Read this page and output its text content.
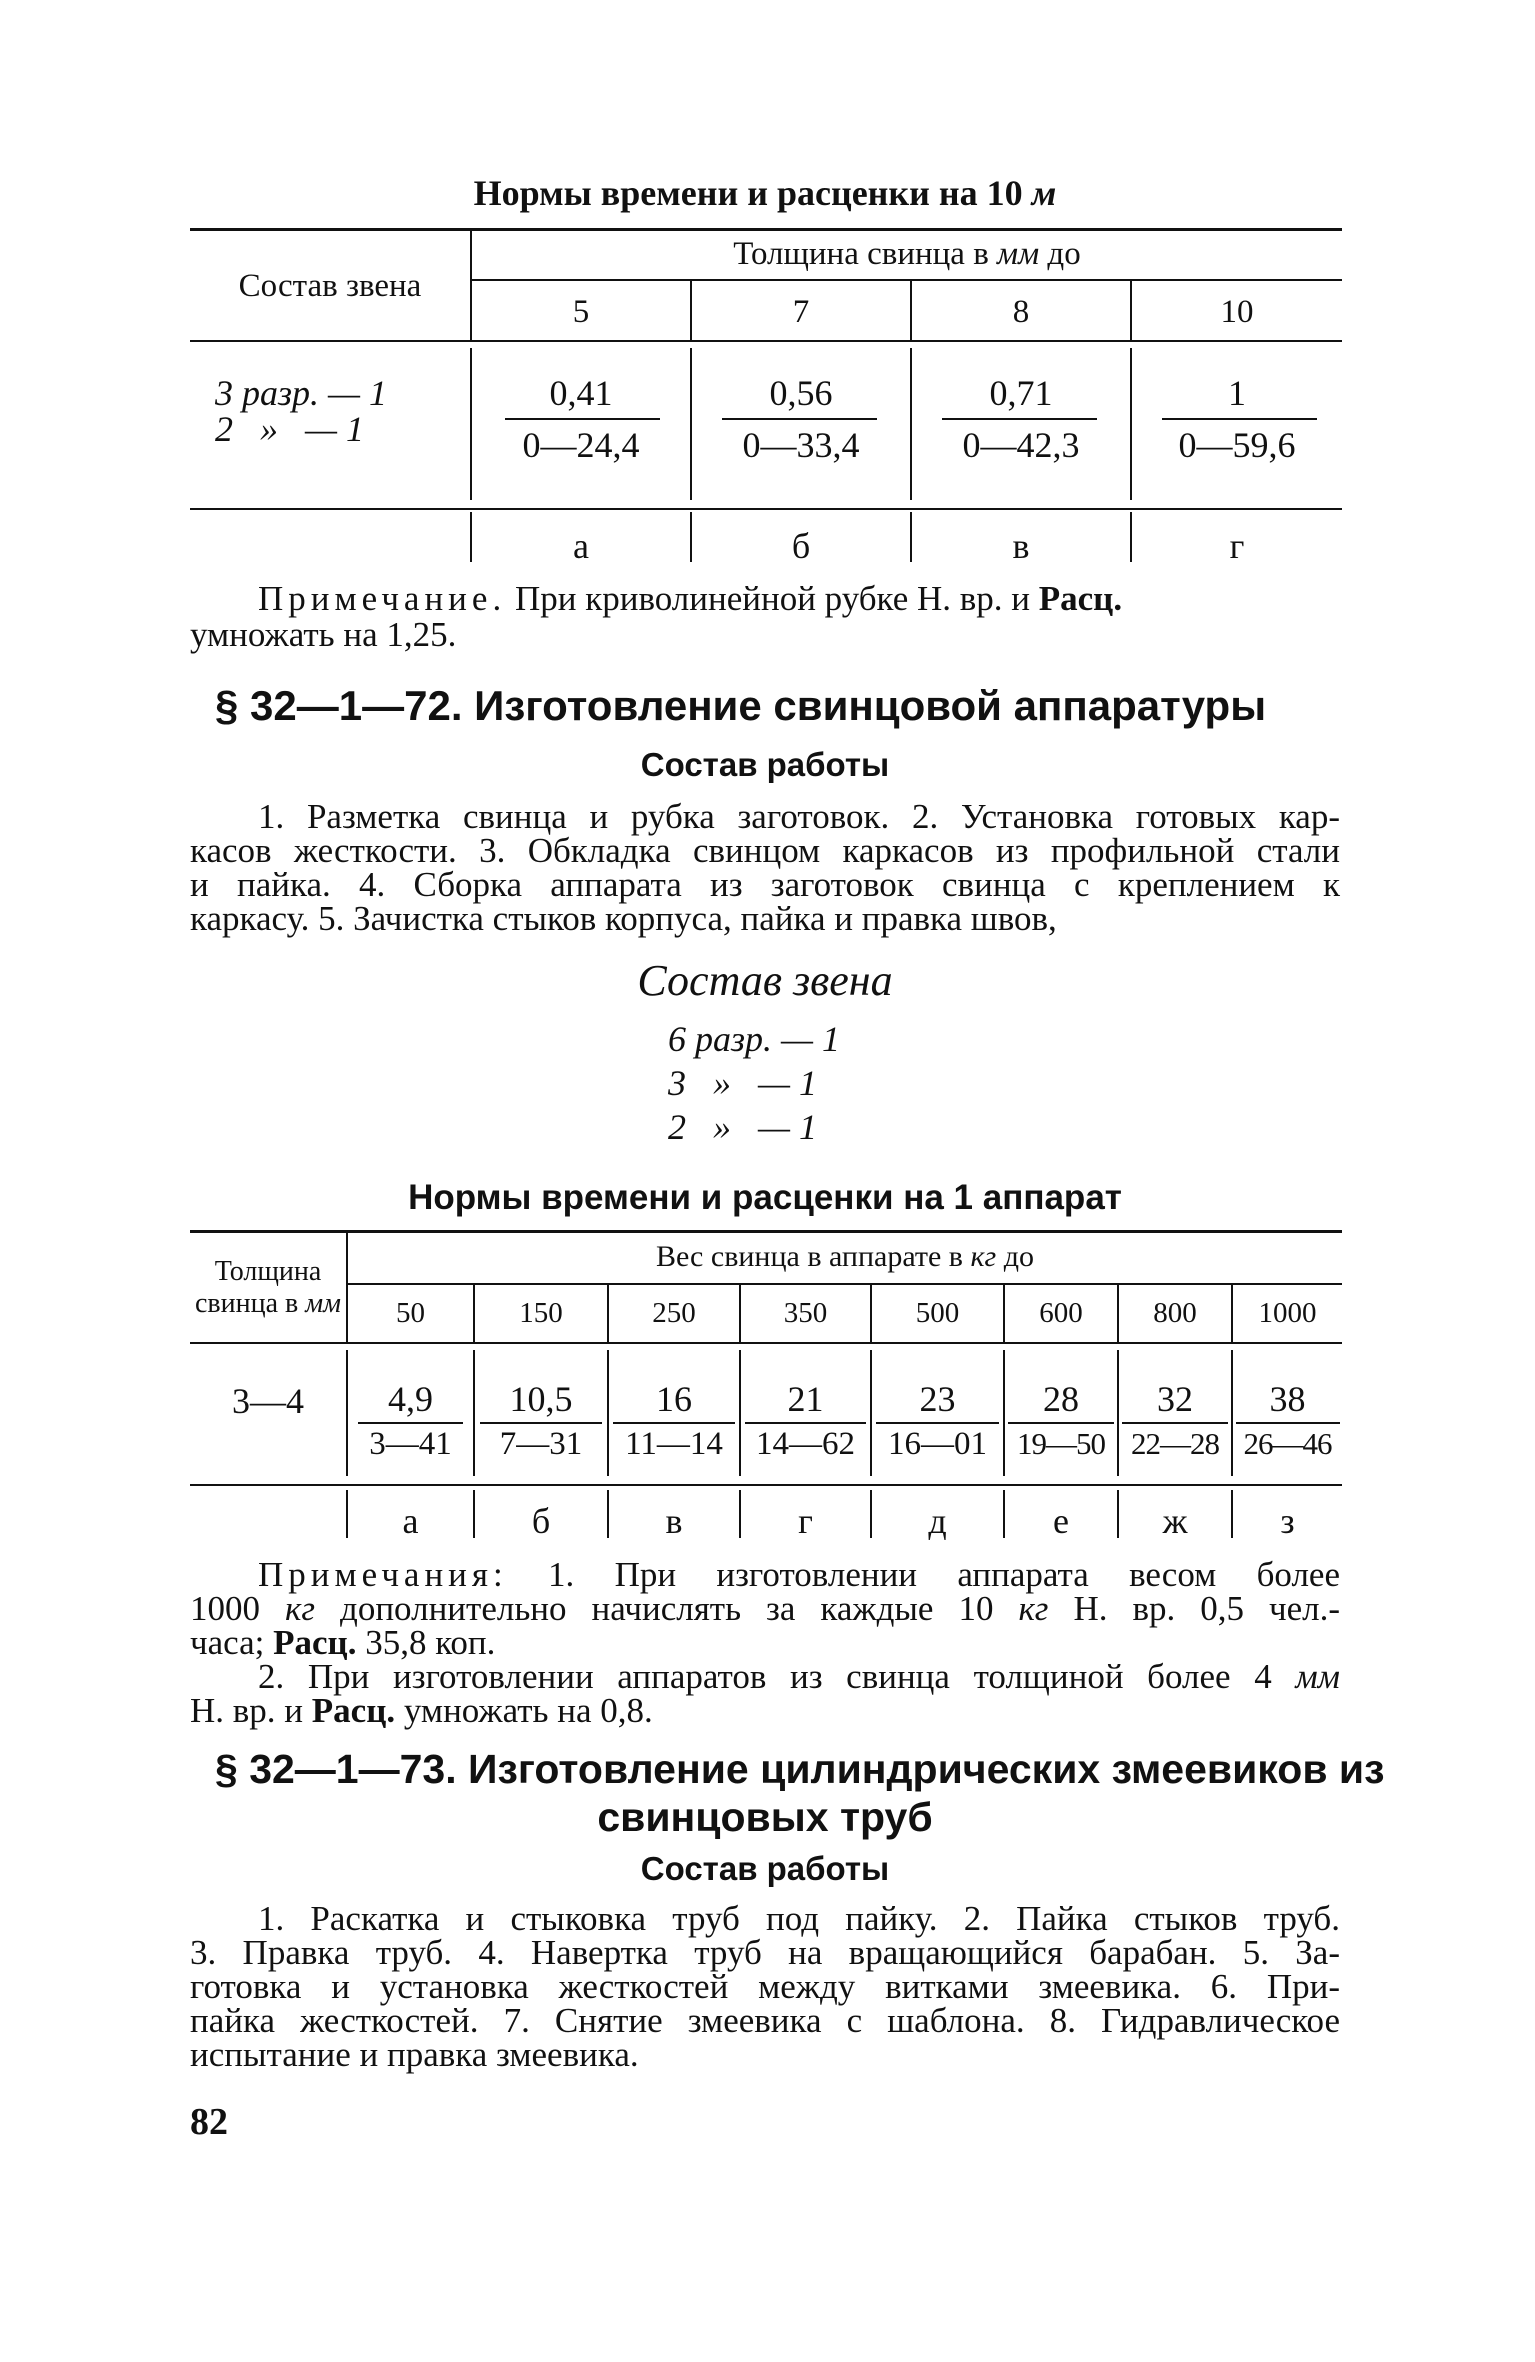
Нормы времени и расценки на 10 м
Состав звена
Толщина свинца в мм до
5	7	8	10
3 разр. — 1
2   »   — 1
0,41	0,56	0,71	1
0—24,4	0—33,4	0—42,3	0—59,6
а	б	в	г
Примечание. При криволинейной рубке Н. вр. и Расц.
умножать на 1,25.
§ 32—1—72. Изготовление свинцовой аппаратуры
Состав работы
1. Разметка свинца и рубка заготовок. 2. Установка готовых кар-
касов жесткости. 3. Обкладка свинцом каркасов из профильной стали
и пайка. 4. Сборка аппарата из заготовок свинца с креплением к
каркасу. 5. Зачистка стыков корпуса, пайка и правка швов,
Состав звена
6 разр. — 1
3   »   — 1
2   »   — 1
Нормы времени и расценки на 1 аппарат
Толщина
свинца в мм
Вес свинца в аппарате в кг до
50	150	250	350	500	600	800	1000
3—4	4,9	10,5	16	21	23	28	32	38
3—41	7—31	11—14	14—62	16—01 19—50 22—28 26—46
а	б	в	г	д	е	ж	з
Примечания: 1. При изготовлении аппарата весом более
1000 кг дополнительно начислять за каждые 10 кг Н. вр. 0,5 чел.-
часа; Расц. 35,8 коп.
2. При изготовлении аппаратов из свинца толщиной более 4 мм
Н. вр. и Расц. умножать на 0,8.
§ 32—1—73. Изготовление цилиндрических змеевиков из
свинцовых труб
Состав работы
1. Раскатка и стыковка труб под пайку. 2. Пайка стыков труб.
3. Правка труб. 4. Навертка труб на вращающийся барабан. 5. За-
готовка и установка жесткостей между витками змеевика. 6. При-
пайка жесткостей. 7. Снятие змеевика с шаблона. 8. Гидравлическое
испытание и правка змеевика.
82
